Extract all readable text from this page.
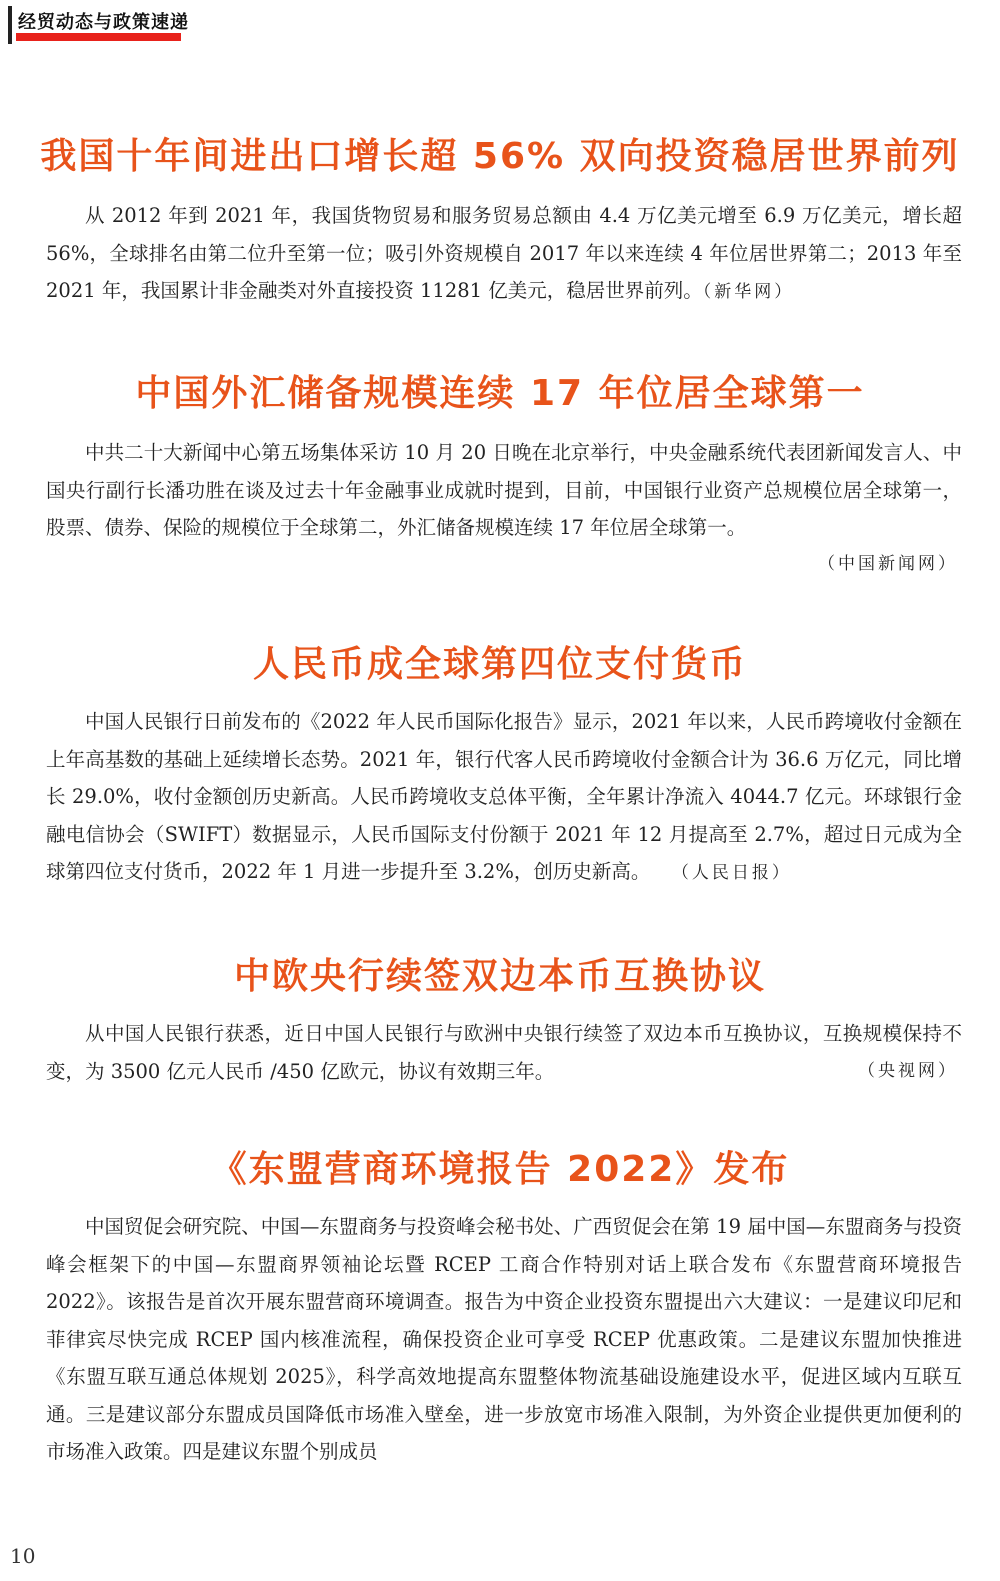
经贸动态与政策速递
我国十年间进出口增长超 56% 双向投资稳居世界前列

从 2012 年到 2021 年，我国货物贸易和服务贸易总额由 4.4 万亿美元增至 6.9 万亿美元，增长超 56%，全球排名由第二位升至第一位；吸引外资规模自 2017 年以来连续 4 年位居世界第二；2013 年至 2021 年，我国累计非金融类对外直接投资 11281 亿美元，稳居世界前列。（新华网）

中国外汇储备规模连续 17 年位居全球第一

中共二十大新闻中心第五场集体采访 10 月 20 日晚在北京举行，中央金融系统代表团新闻发言人、中国央行副行长潘功胜在谈及过去十年金融事业成就时提到，目前，中国银行业资产总规模位居全球第一，股票、债券、保险的规模位于全球第二，外汇储备规模连续 17 年位居全球第一。

（中国新闻网）
人民币成全球第四位支付货币

中国人民银行日前发布的《2022 年人民币国际化报告》显示，2021 年以来，人民币跨境收付金额在上年高基数的基础上延续增长态势。2021 年，银行代客人民币跨境收付金额合计为 36.6 万亿元，同比增长 29.0%，收付金额创历史新高。人民币跨境收支总体平衡，全年累计净流入 4044.7 亿元。环球银行金融电信协会（SWIFT）数据显示，人民币国际支付份额于 2021 年 12 月提高至 2.7%，超过日元成为全球第四位支付货币，2022 年 1 月进一步提升至 3.2%，创历史新高。 （人民日报）

中欧央行续签双边本币互换协议

从中国人民银行获悉，近日中国人民银行与欧洲中央银行续签了双边本币互换协议，互换规模保持不变，为 3500 亿元人民币 /450 亿欧元，协议有效期三年。	（央视网）

《东盟营商环境报告 2022》发布

中国贸促会研究院、中国—东盟商务与投资峰会秘书处、广西贸促会在第 19 届中国—东盟商务与投资峰会框架下的中国—东盟商界领袖论坛暨 RCEP 工商合作特别对话上联合发布《东盟营商环境报告 2022》。该报告是首次开展东盟营商环境调查。报告为中资企业投资东盟提出六大建议：一是建议印尼和菲律宾尽快完成 RCEP 国内核准流程，确保投资企业可享受 RCEP 优惠政策。二是建议东盟加快推进《东盟互联互通总体规划 2025》，科学高效地提高东盟整体物流基础设施建设水平，促进区域内互联互通。三是建议部分东盟成员国降低市场准入壁垒，进一步放宽市场准入限制，为外资企业提供更加便利的市场准入政策。四是建议东盟个别成员

10
